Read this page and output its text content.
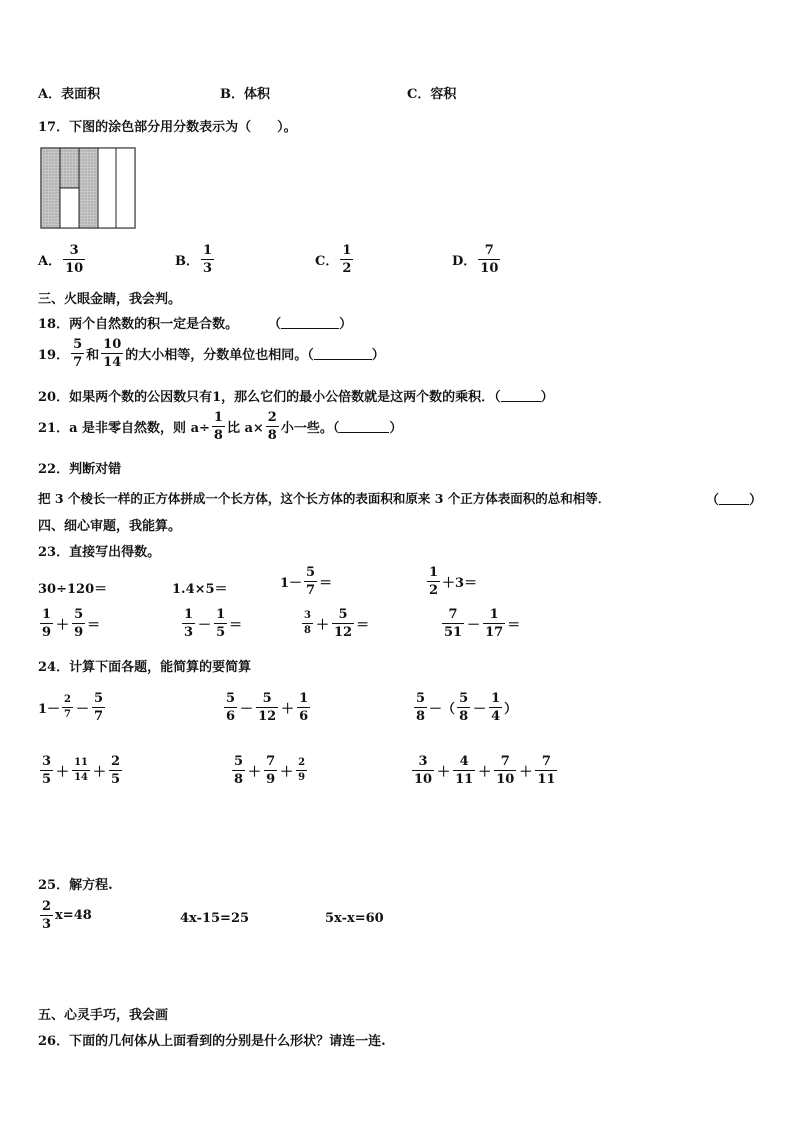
A．表面积	B．体积	C．容积
17．下图的涂色部分用分数表示为（　　）。
A． $\frac{3}{10}$	B． $\frac{1}{3}$	C． $\frac{1}{2}$	D． $\frac{7}{10}$
三、火眼金睛，我会判。
18．两个自然数的积一定是合数。 （	）
19． $\frac{5}{7}$ 和 $\frac{10}{14}$ 的大小相等，分数单位也相同。（	）
20．如果两个数的公因数只有1，那么它们的最小公倍数就是这两个数的乘积．（	）
21．a 是非零自然数，则 $a\div \frac{1}{8}$ 比 $a\times \frac{2}{8}$ 小一些。（	）
22．判断对错
把 3 个棱长一样的正方体拼成一个长方体，这个长方体的表面积和原来 3 个正方体表面积的总和相等．	（ ）
四、细心审题，我能算。
23．直接写出得数。
30÷120＝	1.4×5＝	$1- \frac{5}{7}$ ＝	$\frac{1}{2} +3=$
$\frac{1}{9} + \frac{5}{9}$ ＝	$\frac{1}{3} - \frac{1}{5}$ ＝	$\frac{3}{8} + \frac{5}{12}$ ＝	$\frac{7}{51} - \frac{1}{17}$ ＝
24．计算下面各题，能简算的要简算
$1- \frac{2}{7} - \frac{5}{7}$	$\frac{5}{6} - \frac{5}{12} + \frac{1}{6}$	$\frac{5}{8}$ －（ $\frac{5}{8} - \frac{1}{4}$ ）
$\frac{3}{5} + \frac{11}{14} + \frac{2}{5}$	$\frac{5}{8} + \frac{7}{9} + \frac{2}{9}$	$\frac{3}{10} + \frac{4}{11} + \frac{7}{10} + \frac{7}{11}$
25．解方程.
$\frac{2}{3} x=48$	4x-15=25	5x-x=60
五、心灵手巧，我会画
26．下面的几何体从上面看到的分别是什么形状？请连一连.
